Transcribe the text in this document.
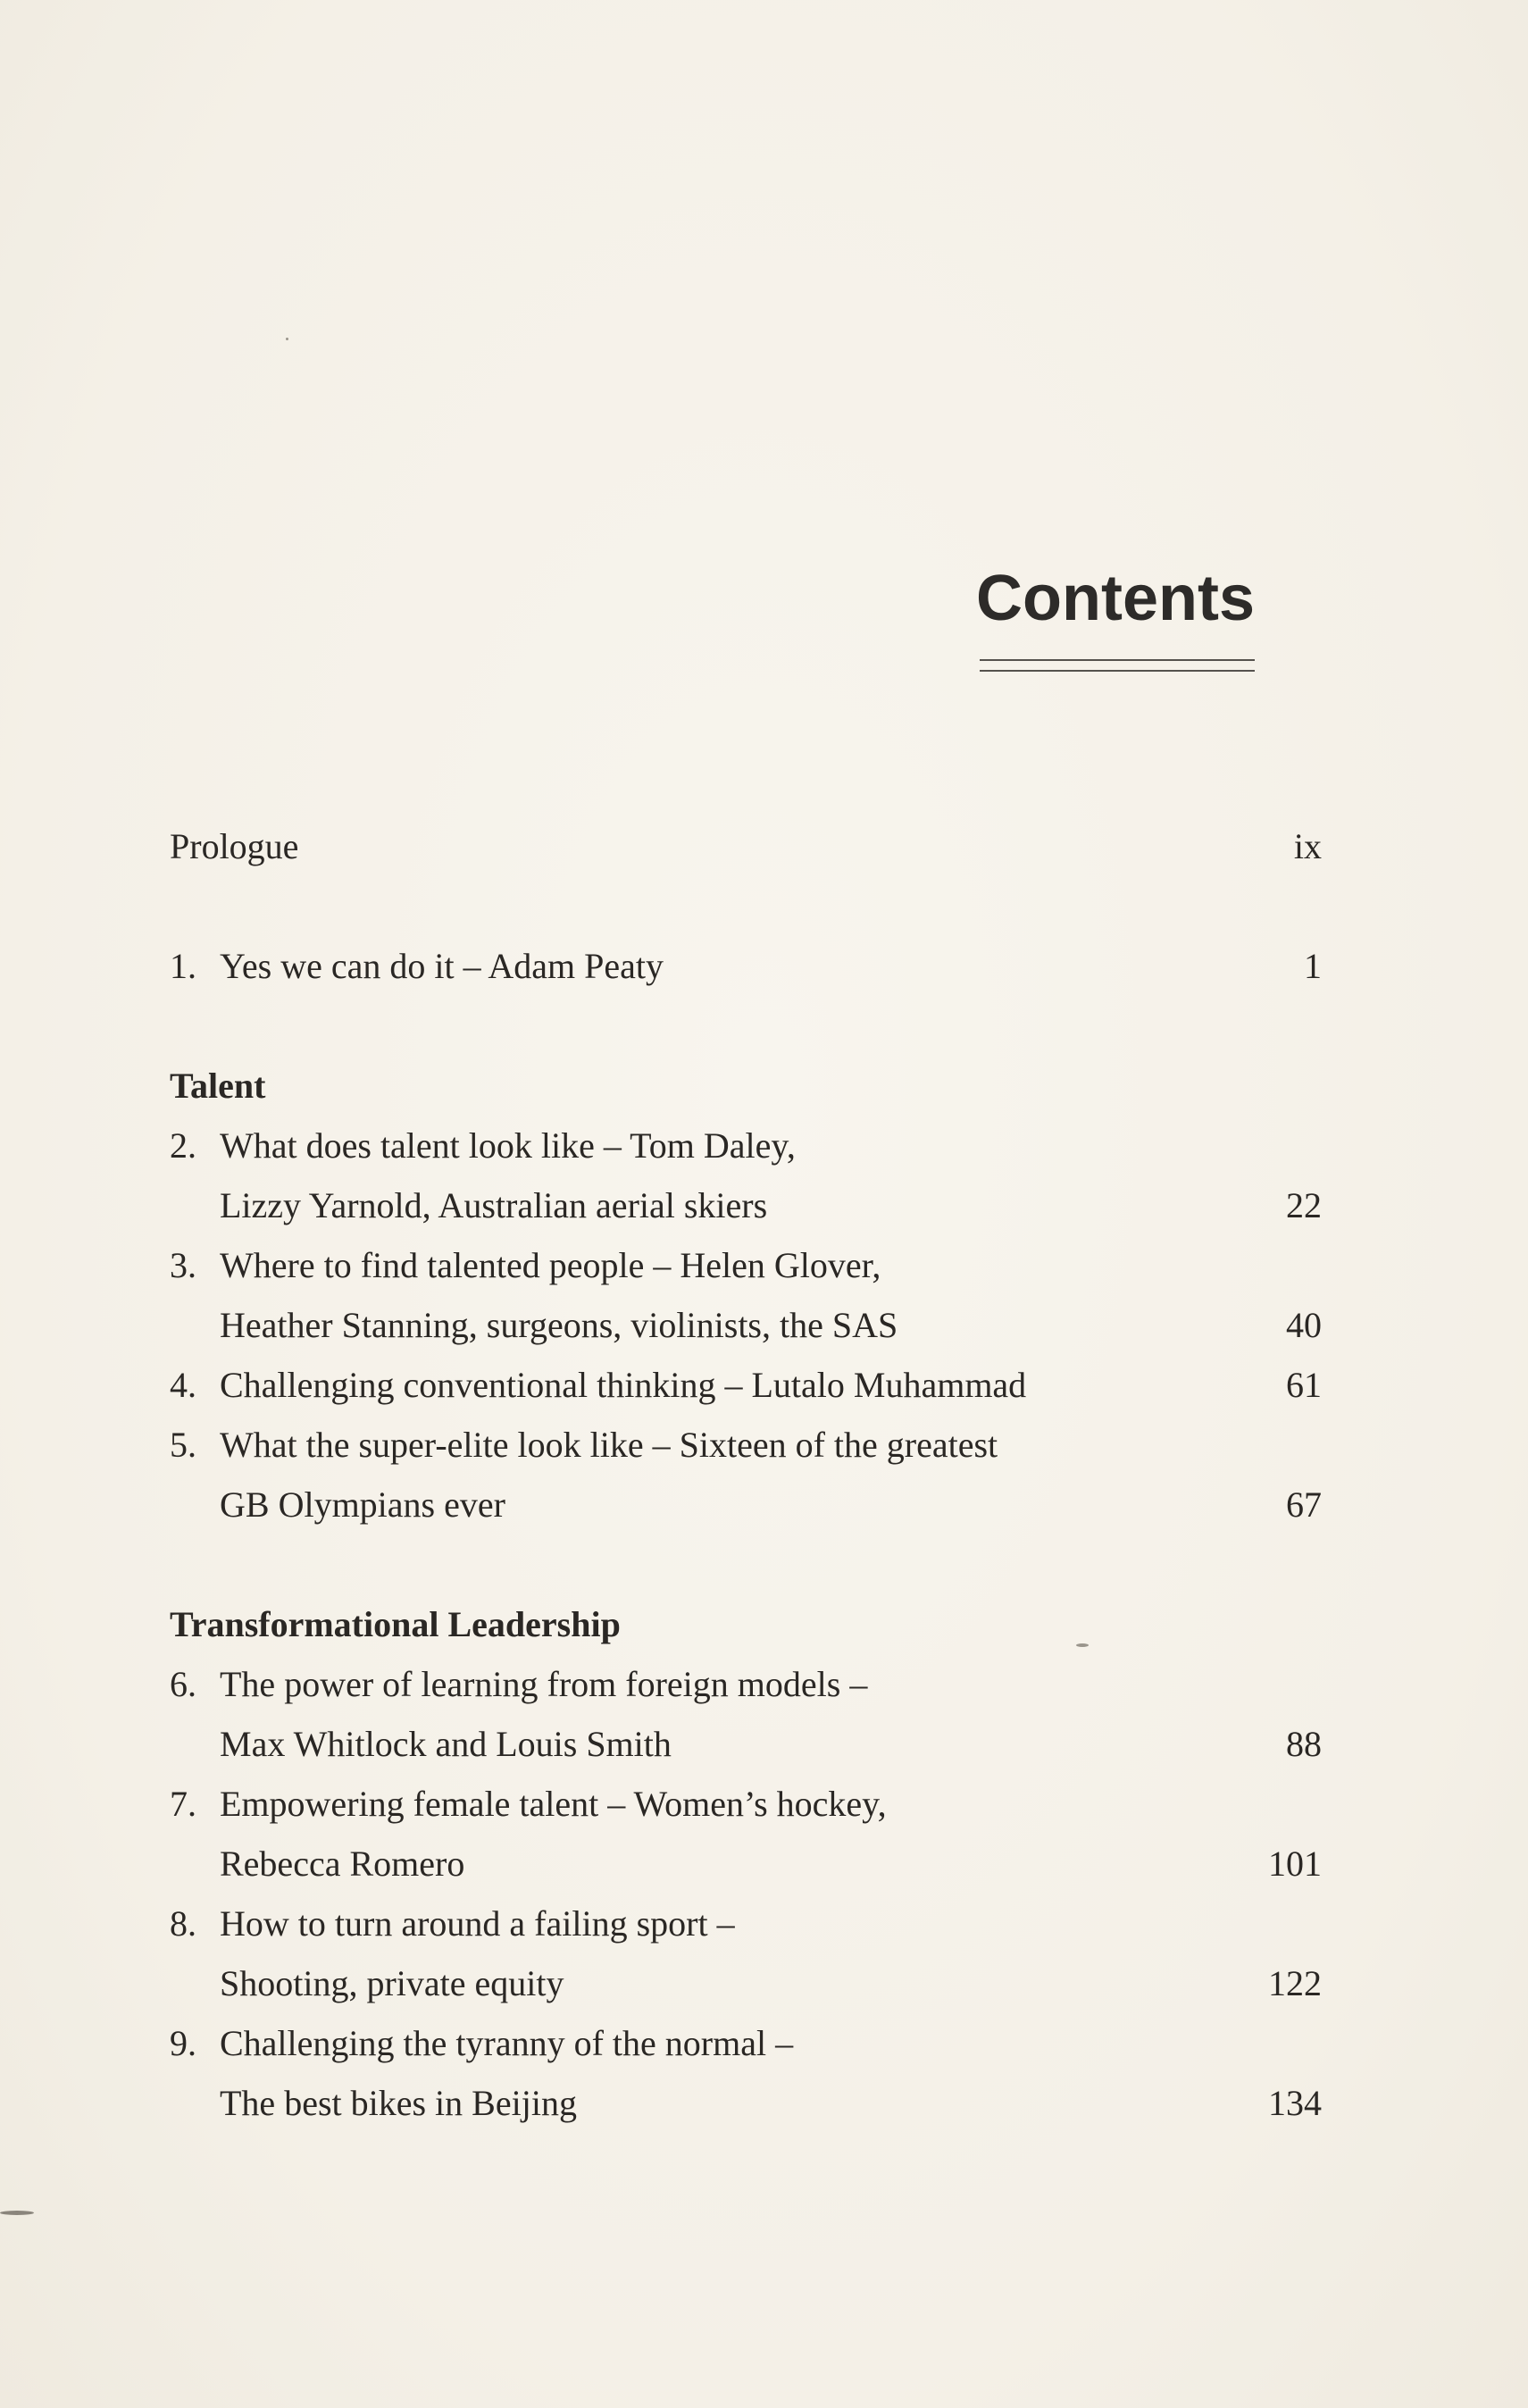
Contents
Prologue	ix
1. Yes we can do it – Adam Peaty	1
Talent
2. What does talent look like – Tom Daley,
Lizzy Yarnold, Australian aerial skiers	22
3. Where to find talented people – Helen Glover,
Heather Stanning, surgeons, violinists, the SAS	40
4. Challenging conventional thinking – Lutalo Muhammad	61
5. What the super-elite look like – Sixteen of the greatest
GB Olympians ever	67
Transformational Leadership
6. The power of learning from foreign models –
Max Whitlock and Louis Smith	88
7. Empowering female talent – Women’s hockey,
Rebecca Romero	101
8. How to turn around a failing sport –
Shooting, private equity	122
9. Challenging the tyranny of the normal –
The best bikes in Beijing	134
